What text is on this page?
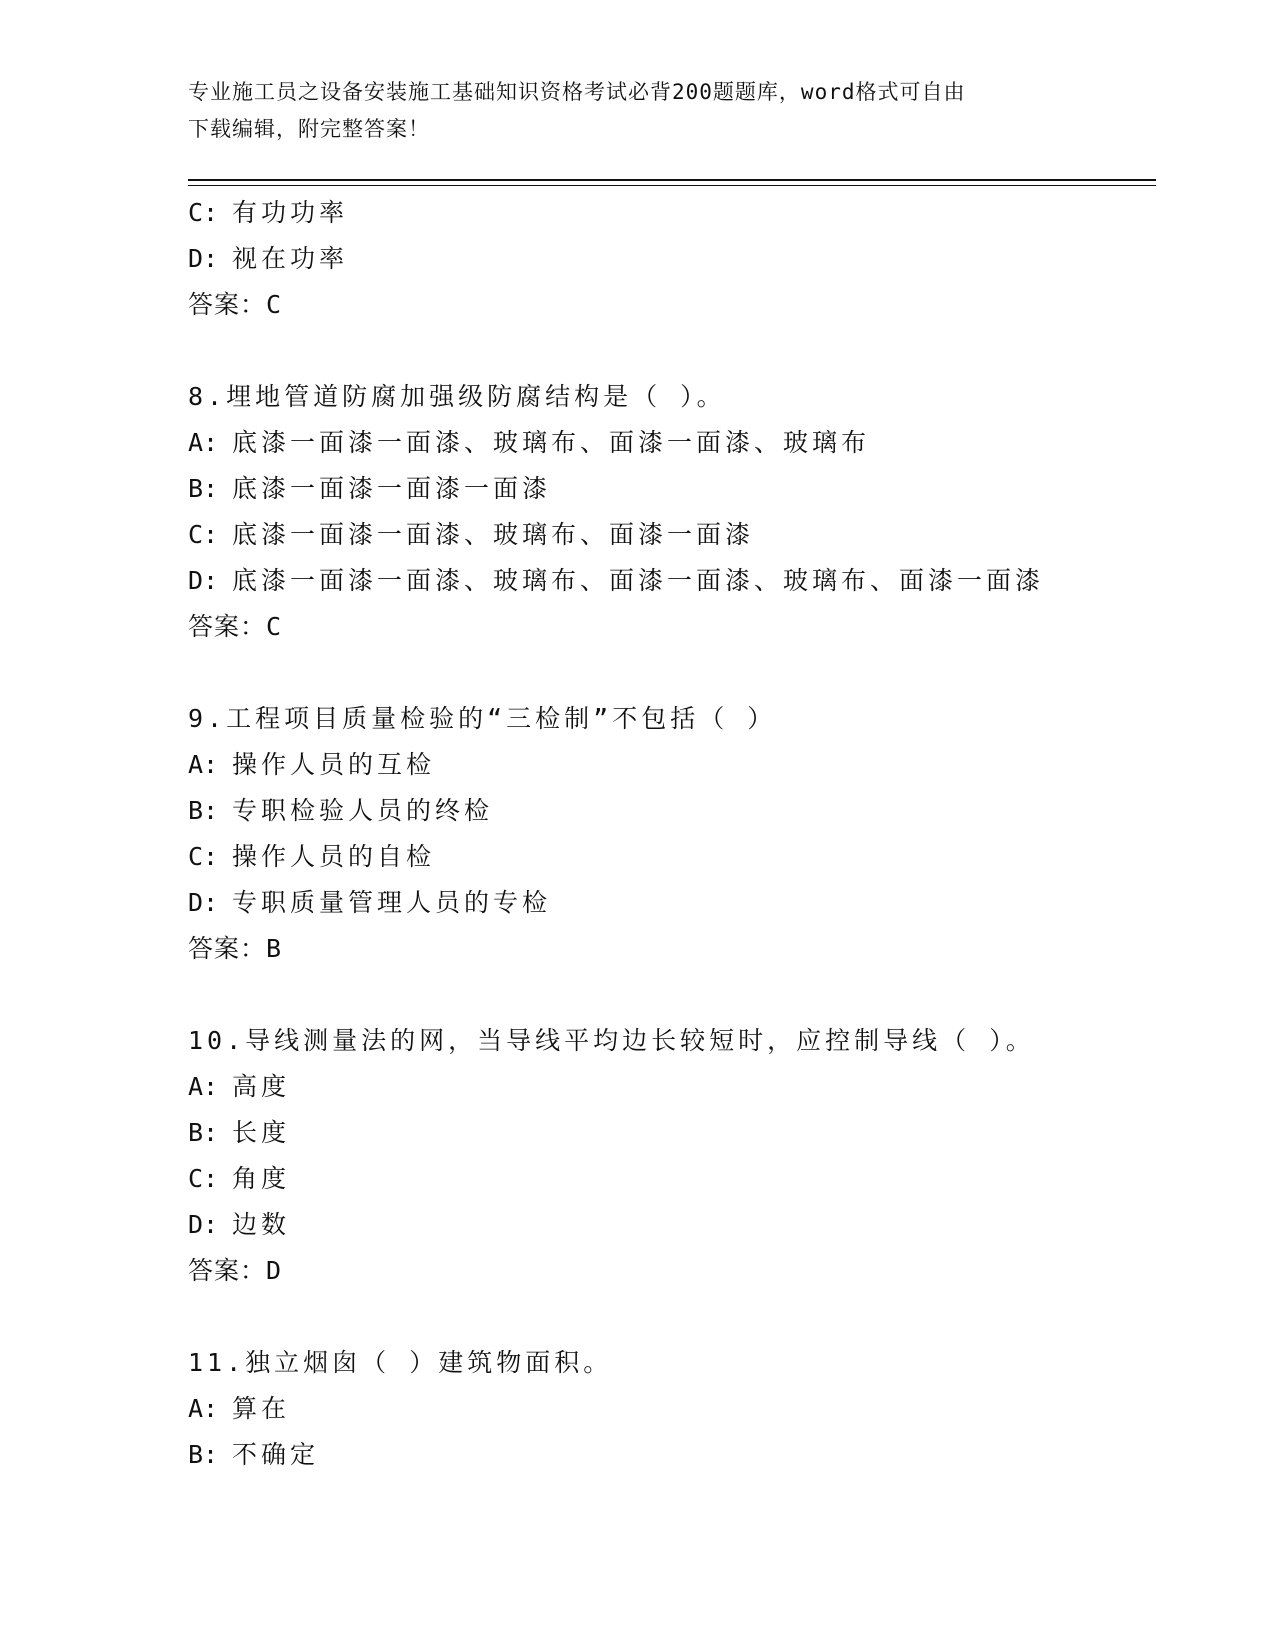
专业施工员之设备安装施工基础知识资格考试必背200题题库，word格式可自由
下载编辑，附完整答案！
C: 有功功率
D: 视在功率
答案：C
8.埋地管道防腐加强级防腐结构是（ ）。
A: 底漆一面漆一面漆、玻璃布、面漆一面漆、玻璃布
B: 底漆一面漆一面漆一面漆
C: 底漆一面漆一面漆、玻璃布、面漆一面漆
D: 底漆一面漆一面漆、玻璃布、面漆一面漆、玻璃布、面漆一面漆
答案：C
9.工程项目质量检验的“三检制”不包括（ ）
A: 操作人员的互检
B: 专职检验人员的终检
C: 操作人员的自检
D: 专职质量管理人员的专检
答案：B
10.导线测量法的网，当导线平均边长较短时，应控制导线（ ）。
A: 高度
B: 长度
C: 角度
D: 边数
答案：D
11.独立烟囱（ ）建筑物面积。
A: 算在
B: 不确定
